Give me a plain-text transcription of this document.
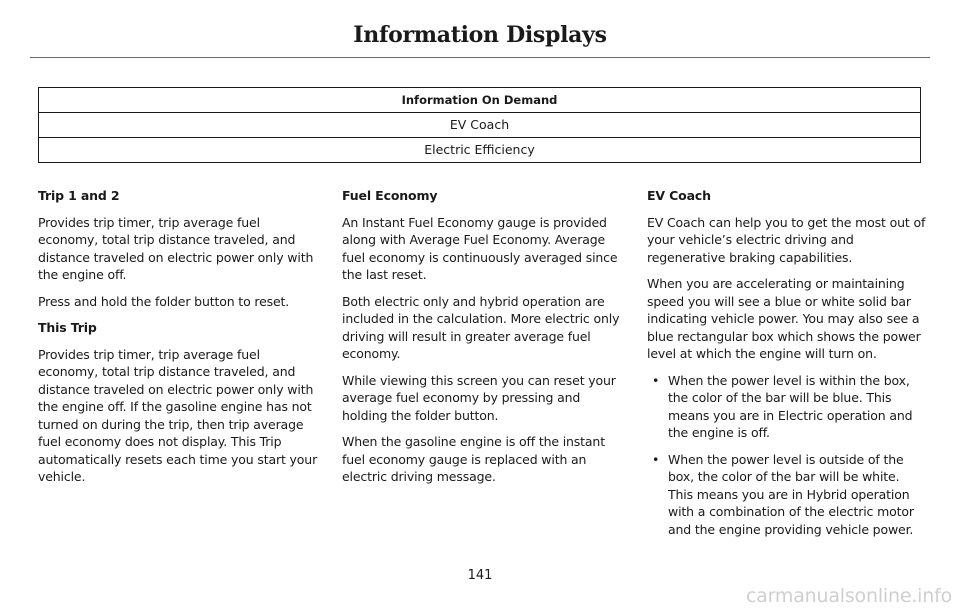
Information Displays
Information On Demand
EV Coach
Electric Efficiency
Trip 1 and 2

Provides trip timer, trip average fuel economy, total trip distance traveled, and distance traveled on electric power only with the engine off.

Press and hold the folder button to reset.

This Trip

Provides trip timer, trip average fuel economy, total trip distance traveled, and distance traveled on electric power only with the engine off. If the gasoline engine has not turned on during the trip, then trip average fuel economy does not display. This Trip automatically resets each time you start your vehicle.

Fuel Economy

An Instant Fuel Economy gauge is provided along with Average Fuel Economy. Average fuel economy is continuously averaged since the last reset.

Both electric only and hybrid operation are included in the calculation. More electric only driving will result in greater average fuel economy.

While viewing this screen you can reset your average fuel economy by pressing and holding the folder button.

When the gasoline engine is off the instant fuel economy gauge is replaced with an electric driving message.

EV Coach

EV Coach can help you to get the most out of your vehicle’s electric driving and regenerative braking capabilities.

When you are accelerating or maintaining speed you will see a blue or white solid bar indicating vehicle power. You may also see a blue rectangular box which shows the power level at which the engine will turn on.

• When the power level is within the box, the color of the bar will be blue. This means you are in Electric operation and the engine is off.
• When the power level is outside of the box, the color of the bar will be white. This means you are in Hybrid operation with a combination of the electric motor and the engine providing vehicle power.
141
carmanualsonline.info
